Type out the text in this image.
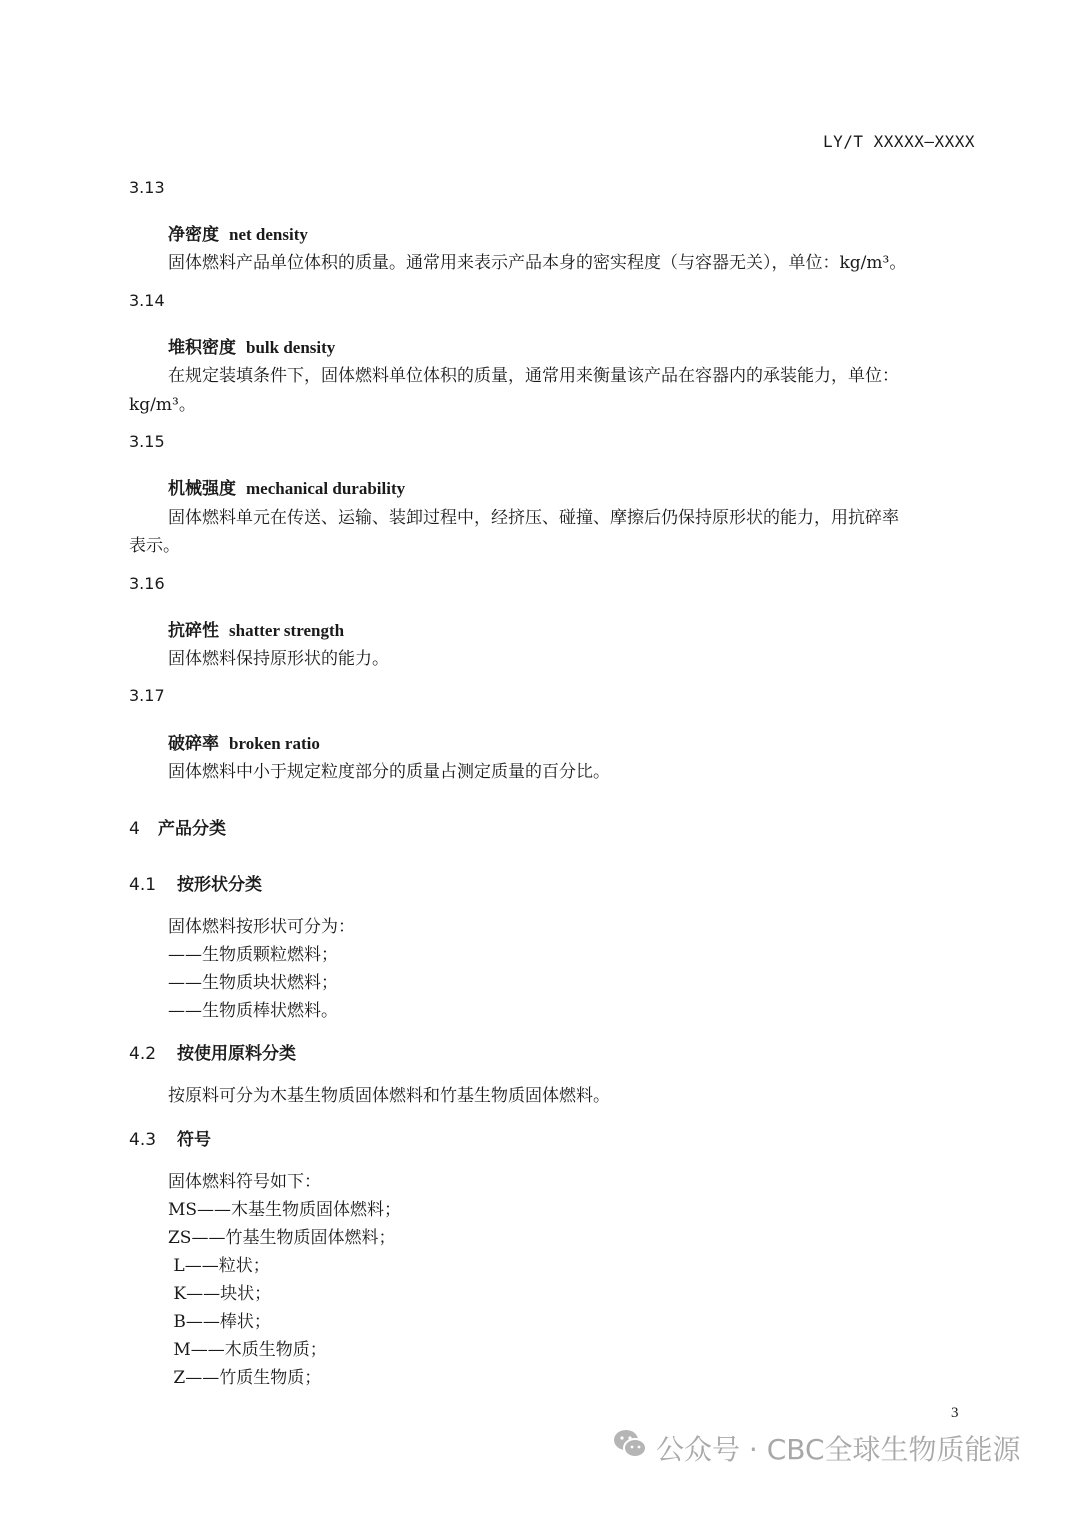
LY/T XXXXX—XXXX
3.13
净密度 net density
固体燃料产品单位体积的质量。通常用来表示产品本身的密实程度（与容器无关），单位：kg/m³。
3.14
堆积密度 bulk density
在规定装填条件下，固体燃料单位体积的质量，通常用来衡量该产品在容器内的承装能力，单位：
kg/m³。
3.15
机械强度 mechanical durability
固体燃料单元在传送、运输、装卸过程中，经挤压、碰撞、摩擦后仍保持原形状的能力，用抗碎率
表示。
3.16
抗碎性 shatter strength
固体燃料保持原形状的能力。
3.17
破碎率 broken ratio
固体燃料中小于规定粒度部分的质量占测定质量的百分比。
4 产品分类
4.1 按形状分类
固体燃料按形状可分为：
——生物质颗粒燃料；
——生物质块状燃料；
——生物质棒状燃料。
4.2 按使用原料分类
按原料可分为木基生物质固体燃料和竹基生物质固体燃料。
4.3 符号
固体燃料符号如下：
MS——木基生物质固体燃料；
ZS——竹基生物质固体燃料；
L——粒状；
K——块状；
B——棒状；
M——木质生物质；
Z——竹质生物质；
3
公众号 · CBC全球生物质能源
